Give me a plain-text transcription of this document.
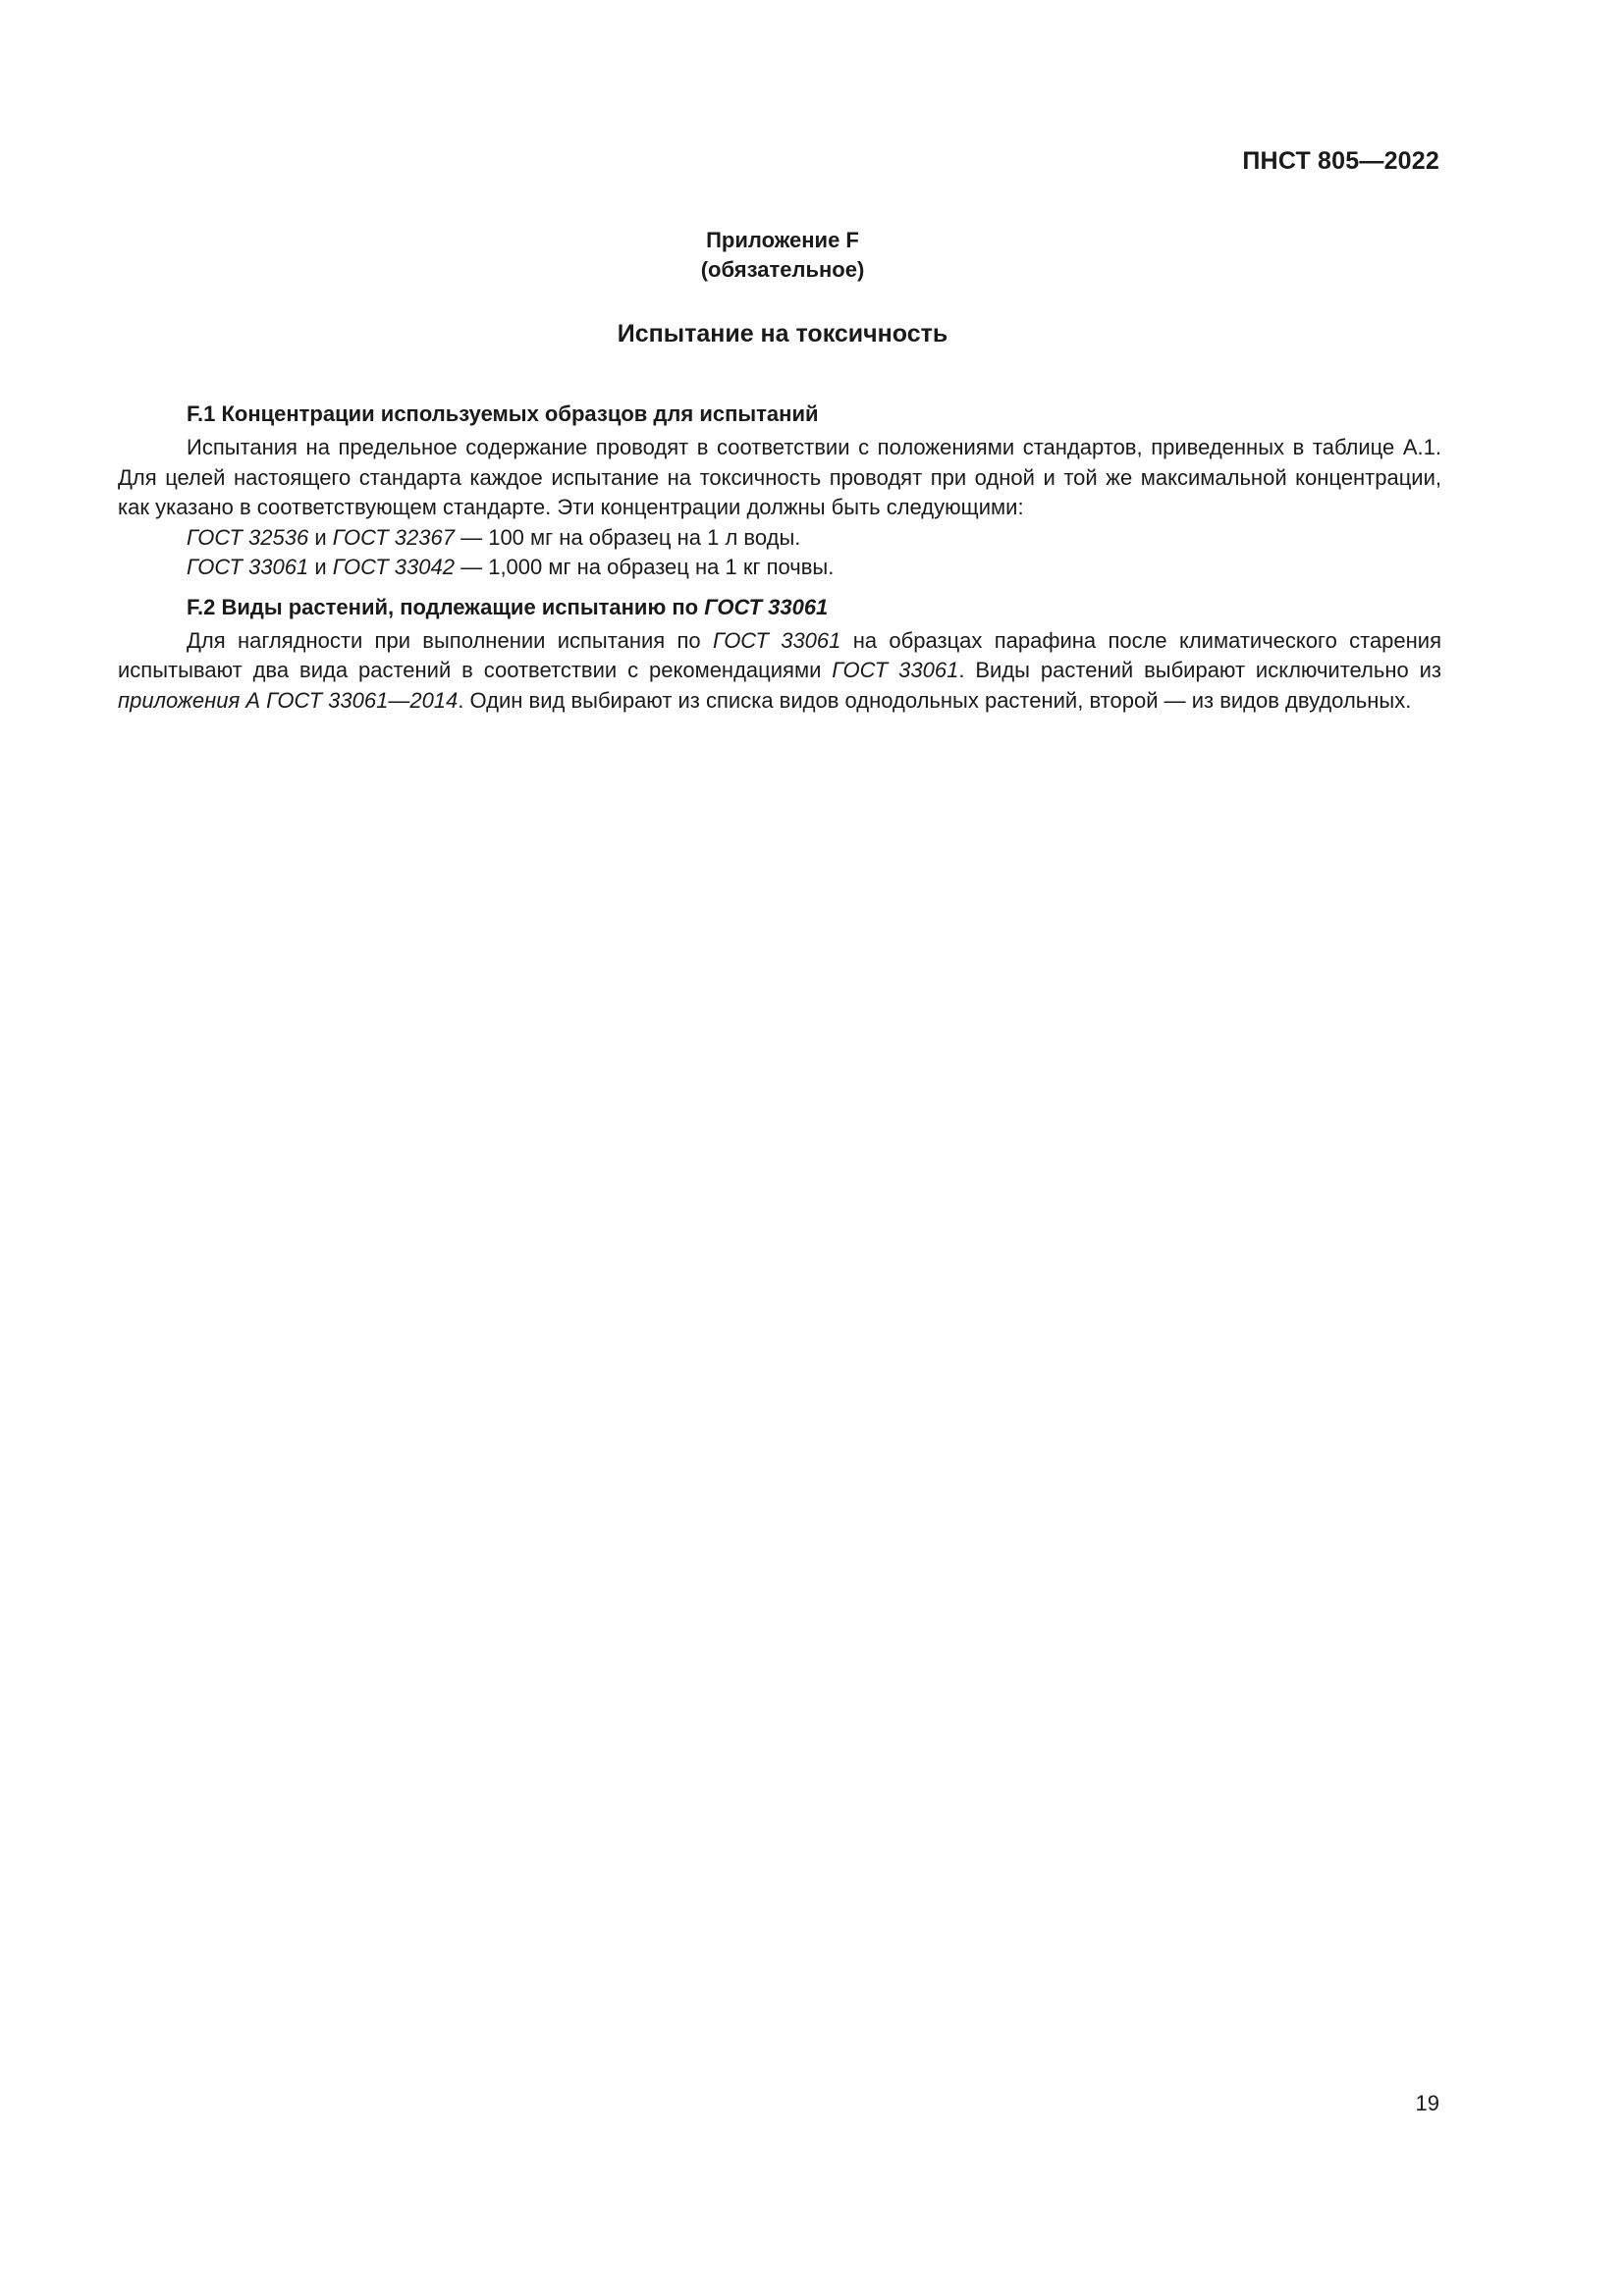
ПНСТ 805—2022
Приложение F
(обязательное)
Испытание на токсичность
F.1 Концентрации используемых образцов для испытаний

Испытания на предельное содержание проводят в соответствии с положениями стандартов, приведенных в таблице А.1. Для целей настоящего стандарта каждое испытание на токсичность проводят при одной и той же максимальной концентрации, как указано в соответствующем стандарте. Эти концентрации должны быть следующими:

ГОСТ 32536 и ГОСТ 32367 — 100 мг на образец на 1 л воды.
ГОСТ 33061 и ГОСТ 33042 — 1,000 мг на образец на 1 кг почвы.
F.2 Виды растений, подлежащие испытанию по ГОСТ 33061

Для наглядности при выполнении испытания по ГОСТ 33061 на образцах парафина после климатического старения испытывают два вида растений в соответствии с рекомендациями ГОСТ 33061. Виды растений выбирают исключительно из приложения А ГОСТ 33061—2014. Один вид выбирают из списка видов однодольных растений, второй — из видов двудольных.

19
